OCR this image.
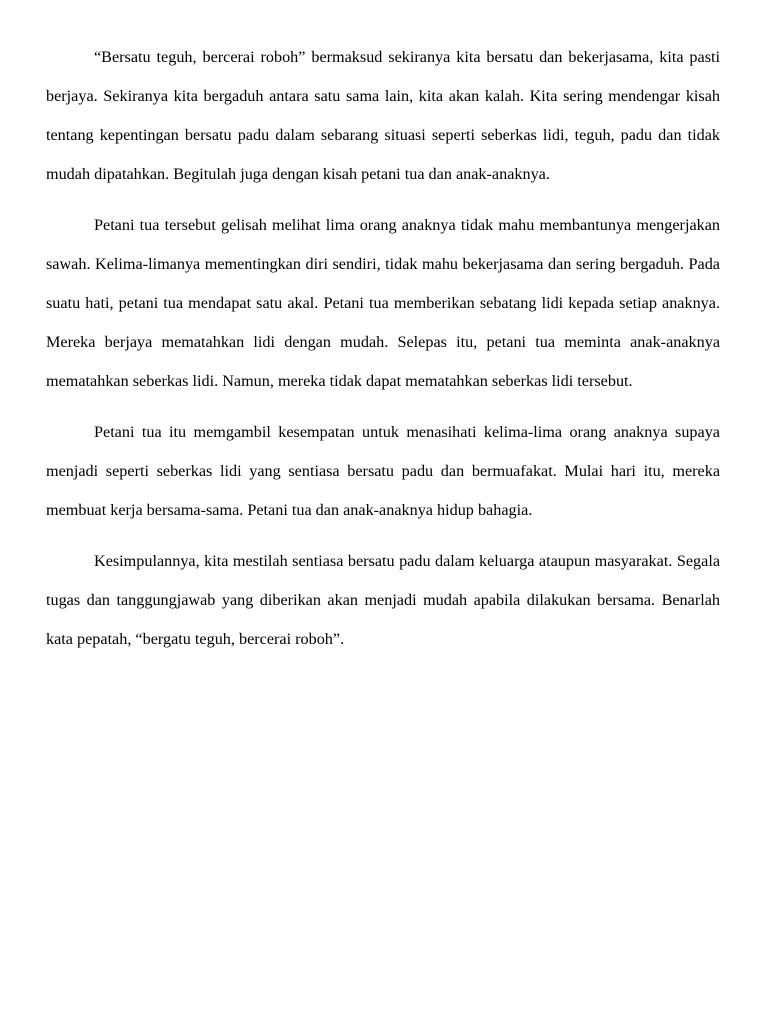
“Bersatu teguh, bercerai roboh” bermaksud sekiranya kita bersatu dan bekerjasama, kita pasti berjaya. Sekiranya kita bergaduh antara satu sama lain, kita akan kalah. Kita sering mendengar kisah tentang kepentingan bersatu padu dalam sebarang situasi seperti seberkas lidi, teguh, padu dan tidak mudah dipatahkan. Begitulah juga dengan kisah petani tua dan anak-anaknya.

Petani tua tersebut gelisah melihat lima orang anaknya tidak mahu membantunya mengerjakan sawah. Kelima-limanya mementingkan diri sendiri, tidak mahu bekerjasama dan sering bergaduh. Pada suatu hati, petani tua mendapat satu akal. Petani tua memberikan sebatang lidi kepada setiap anaknya. Mereka berjaya mematahkan lidi dengan mudah. Selepas itu, petani tua meminta anak-anaknya mematahkan seberkas lidi. Namun, mereka tidak dapat mematahkan seberkas lidi tersebut.

Petani tua itu memgambil kesempatan untuk menasihati kelima-lima orang anaknya supaya menjadi seperti seberkas lidi yang sentiasa bersatu padu dan bermuafakat. Mulai hari itu, mereka membuat kerja bersama-sama. Petani tua dan anak-anaknya hidup bahagia.

Kesimpulannya, kita mestilah sentiasa bersatu padu dalam keluarga ataupun masyarakat. Segala tugas dan tanggungjawab yang diberikan akan menjadi mudah apabila dilakukan bersama. Benarlah kata pepatah, “bergatu teguh, bercerai roboh”.
